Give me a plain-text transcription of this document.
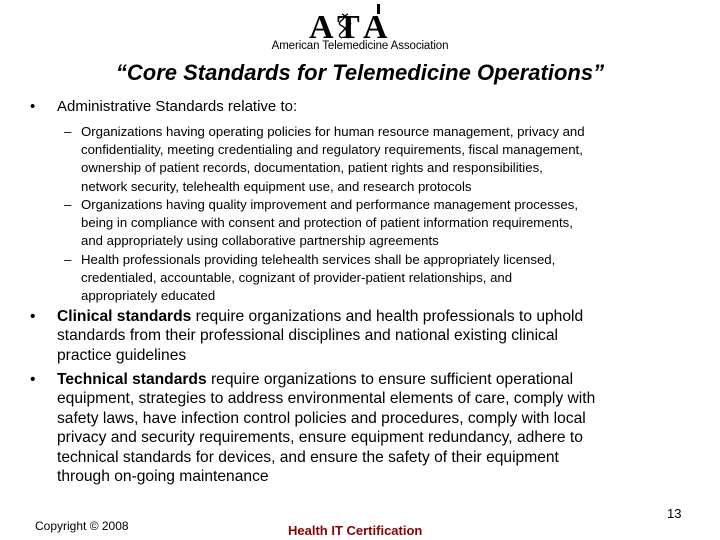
A T A
American Telemedicine Association
“Core Standards for Telemedicine Operations”
• Administrative Standards relative to:
– Organizations having operating policies for human resource management, privacy and
confidentiality, meeting credentialing and regulatory requirements, fiscal management,
ownership of patient records, documentation, patient rights and responsibilities,
network security, telehealth equipment use, and research protocols
– Organizations having quality improvement and performance management processes,
being in compliance with consent and protection of patient information requirements,
and appropriately using collaborative partnership agreements
– Health professionals providing telehealth services shall be appropriately licensed,
credentialed, accountable, cognizant of provider-patient relationships, and
appropriately educated
• Clinical standards require organizations and health professionals to uphold
standards from their professional disciplines and national existing clinical
practice guidelines
• Technical standards require organizations to ensure sufficient operational
equipment, strategies to address environmental elements of care, comply with
safety laws, have infection control policies and procedures, comply with local
privacy and security requirements, ensure equipment redundancy, adhere to
technical standards for devices, and ensure the safety of their equipment
through on-going maintenance
13
Copyright © 2008	Health IT Certification
